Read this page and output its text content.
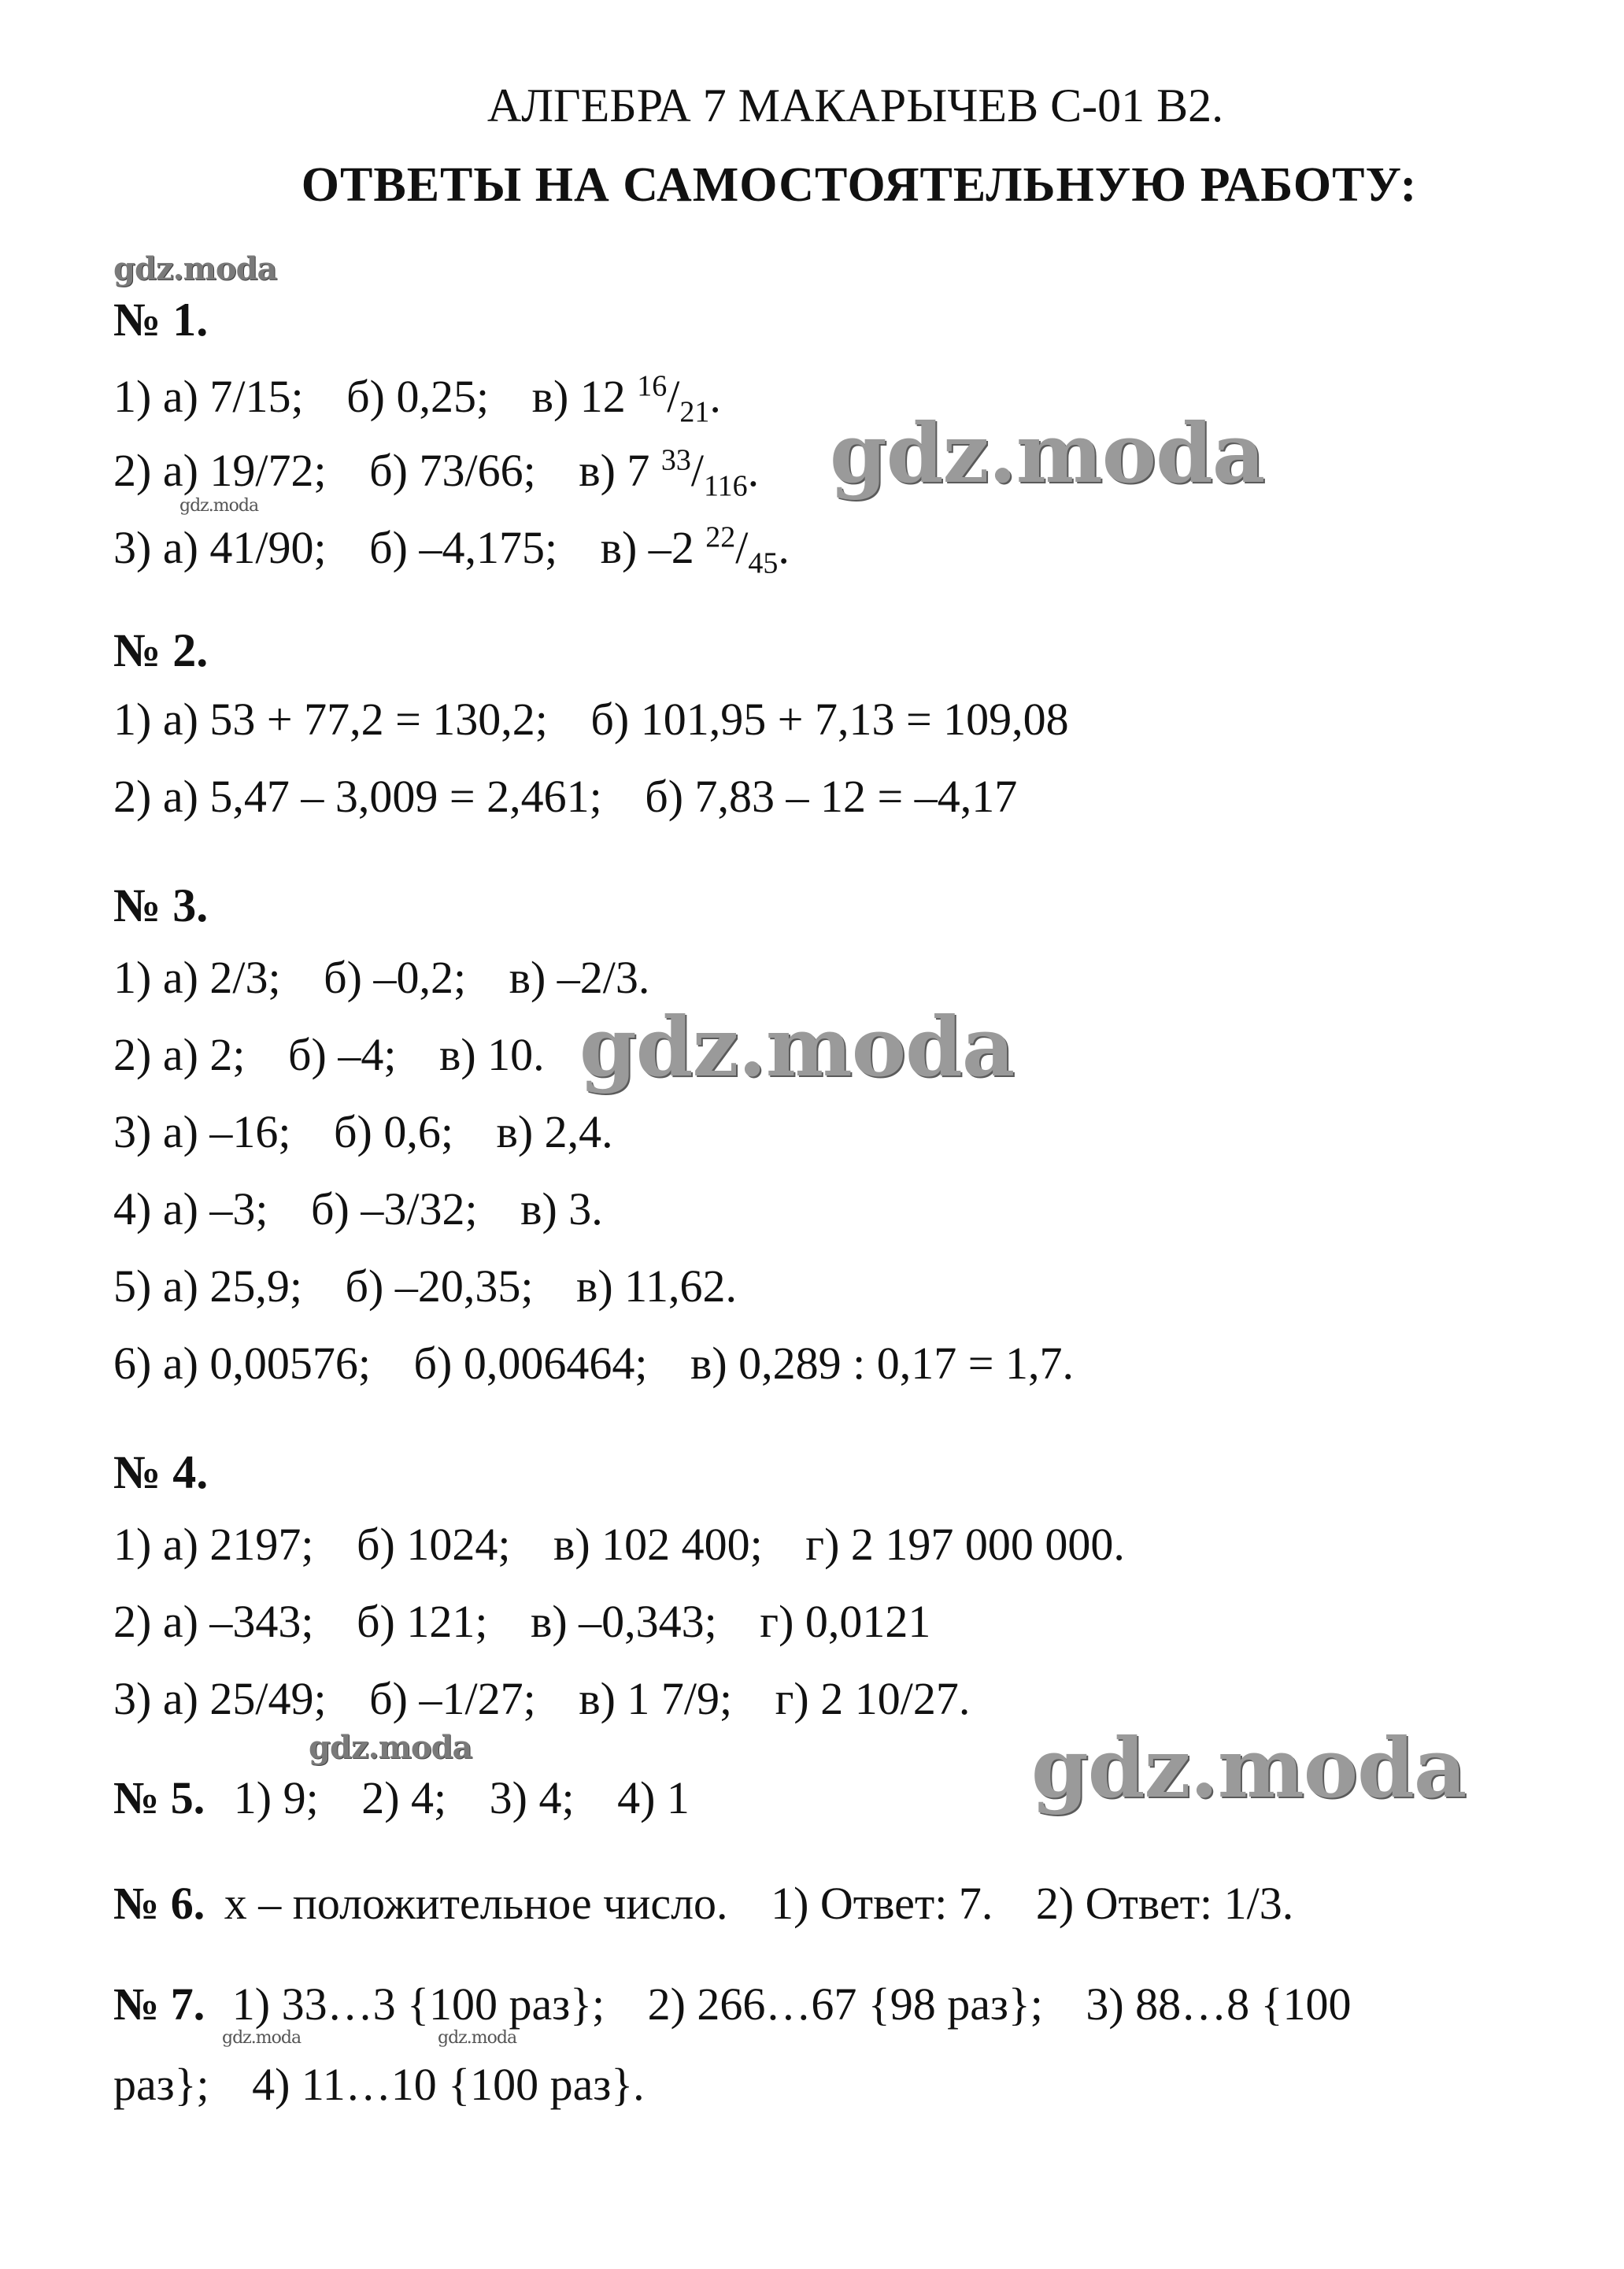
АЛГЕБРА 7 МАКАРЫЧЕВ С-01 В2.
ОТВЕТЫ НА САМОСТОЯТЕЛЬНУЮ РАБОТУ:
№ 1.
1) а) 7/15; б) 0,25; в) 12 $^{16}/_{21}$.
2) а) 19/72; б) 73/66; в) 7 $^{33}/_{116}$.
3) а) 41/90; б) –4,175; в) –2 $^{22}/_{45}$.
№ 2.
1) а) 53 + 77,2 = 130,2; б) 101,95 + 7,13 = 109,08
2) а) 5,47 – 3,009 = 2,461; б) 7,83 – 12 = –4,17
№ 3.
1) а) 2/3; б) –0,2; в) –2/3.
2) а) 2; б) –4; в) 10.
3) а) –16; б) 0,6; в) 2,4.
4) а) –3; б) –3/32; в) 3.
5) а) 25,9; б) –20,35; в) 11,62.
6) а) 0,00576; б) 0,006464; в) 0,289 : 0,17 = 1,7.
№ 4.
1) а) 2197; б) 1024; в) 102 400; г) 2 197 000 000.
2) а) –343; б) 121; в) –0,343; г) 0,0121
3) а) 25/49; б) –1/27; в) 1 7/9; г) 2 10/27.
№ 5. 1) 9; 2) 4; 3) 4; 4) 1
№ 6. х – положительное число. 1) Ответ: 7. 2) Ответ: 1/3.
№ 7. 1) 33…3 {100 раз}; 2) 266…67 {98 раз}; 3) 88…8 {100
раз}; 4) 11…10 {100 раз}.
gdz.moda
gdz.moda
gdz.moda
gdz.moda
gdz.moda	gdz.moda
gdz.moda	gdz.moda
